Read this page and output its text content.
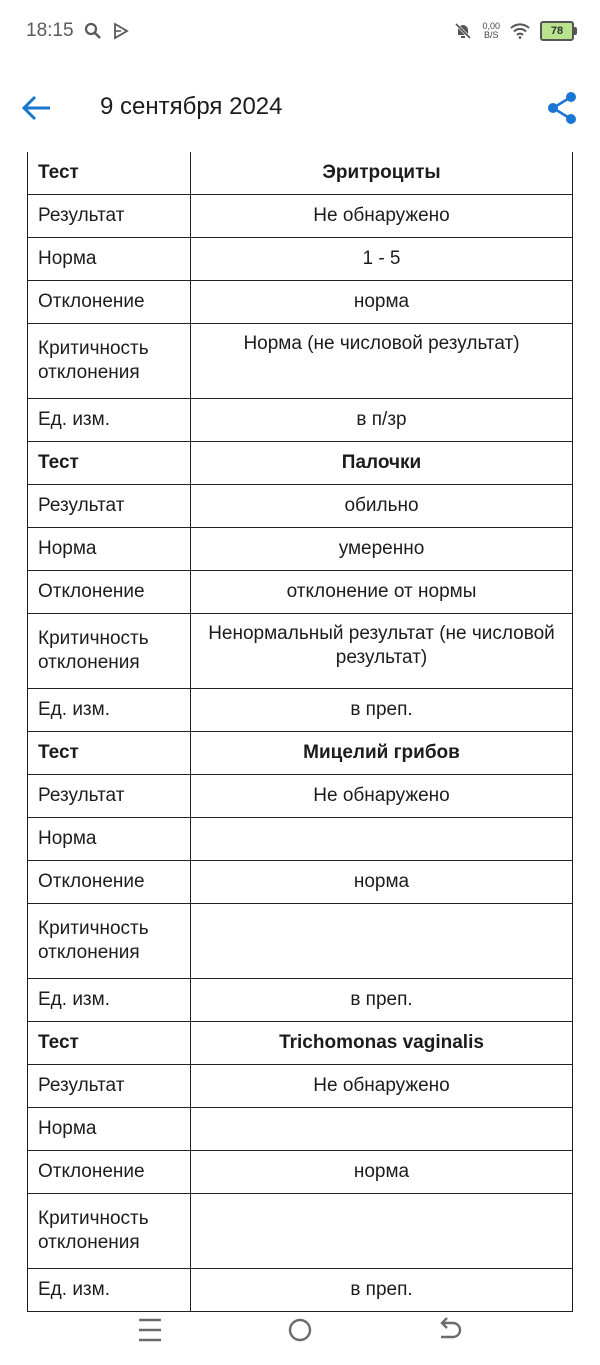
18:15	0,00
B/S	78
9 сентября 2024
Тест	Эритроциты
Результат	Не обнаружено
Норма	1 - 5
Отклонение	норма
Критичность отклонения	Норма (не числовой результат)
Ед. изм.	в п/зр
Тест	Палочки
Результат	обильно
Норма	умеренно
Отклонение	отклонение от нормы
Критичность отклонения	Ненормальный результат (не числовой результат)
Ед. изм.	в преп.
Тест	Мицелий грибов
Результат	Не обнаружено
Норма	
Отклонение	норма
Критичность отклонения	
Ед. изм.	в преп.
Тест	Trichomonas vaginalis
Результат	Не обнаружено
Норма	
Отклонение	норма
Критичность отклонения	
Ед. изм.	в преп.
